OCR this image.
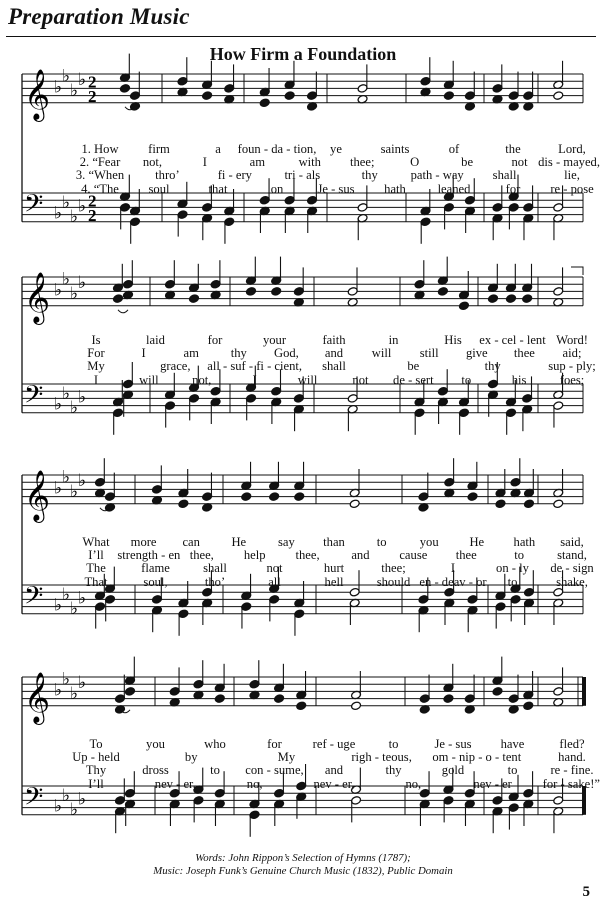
Preparation Music
How Firm a Foundation
𝄞 ♭
♭
♭
♭ 2
2
𝄢 ♭
♭
♭
♭ 2
2
𝄞 ♭
♭
♭
♭
𝄢 ♭
♭
♭
♭
𝄞 ♭
♭
♭
♭
𝄢 ♭
♭
♭
♭
𝄞 ♭
♭
♭
♭
𝄢 ♭
♭
♭
♭
1. How firm	a foun - da - tion, ye	saints	of	the	Lord,
2. “Fear not,	I	am	with thee;	O	be	not dis - mayed,
3. “When thro’	fi - ery	tri - als	thy	path - way shall	lie,
4. “The soul	that	on	Je - sus hath	leaned	for re - pose
Is	laid	for	your	faith	in	His ex - cel - lent Word!
For	I	am	thy God, and will still give thee aid;
My	grace, all - suf - fi - cient, shall	be	thy	sup - ply;
I	will	not,	I	will	not de - sert to	his	foes;
What more can	He	say than	to	you He hath said,
I’ll strength - en thee, help thee,	and cause thee	to	stand,
The	flame	shall	not	hurt	thee;	I	on - ly de - sign
That	soul,	tho’	all	hell	should en - deav - or to	shake,
To	you	who	for ref - uge	to	Je - sus have	fled?
Up - held	by	My	righ - teous, om - nip - o - tent	hand.
Thy	dross	to con - sume, and	thy	gold	to	re - fine.
I’ll	nev - er,	no,	nev - er,	no,	nev - er for - sake!”
Words: John Rippon’s Selection of Hymns (1787);
Music: Joseph Funk’s Genuine Church Music (1832), Public Domain
5
